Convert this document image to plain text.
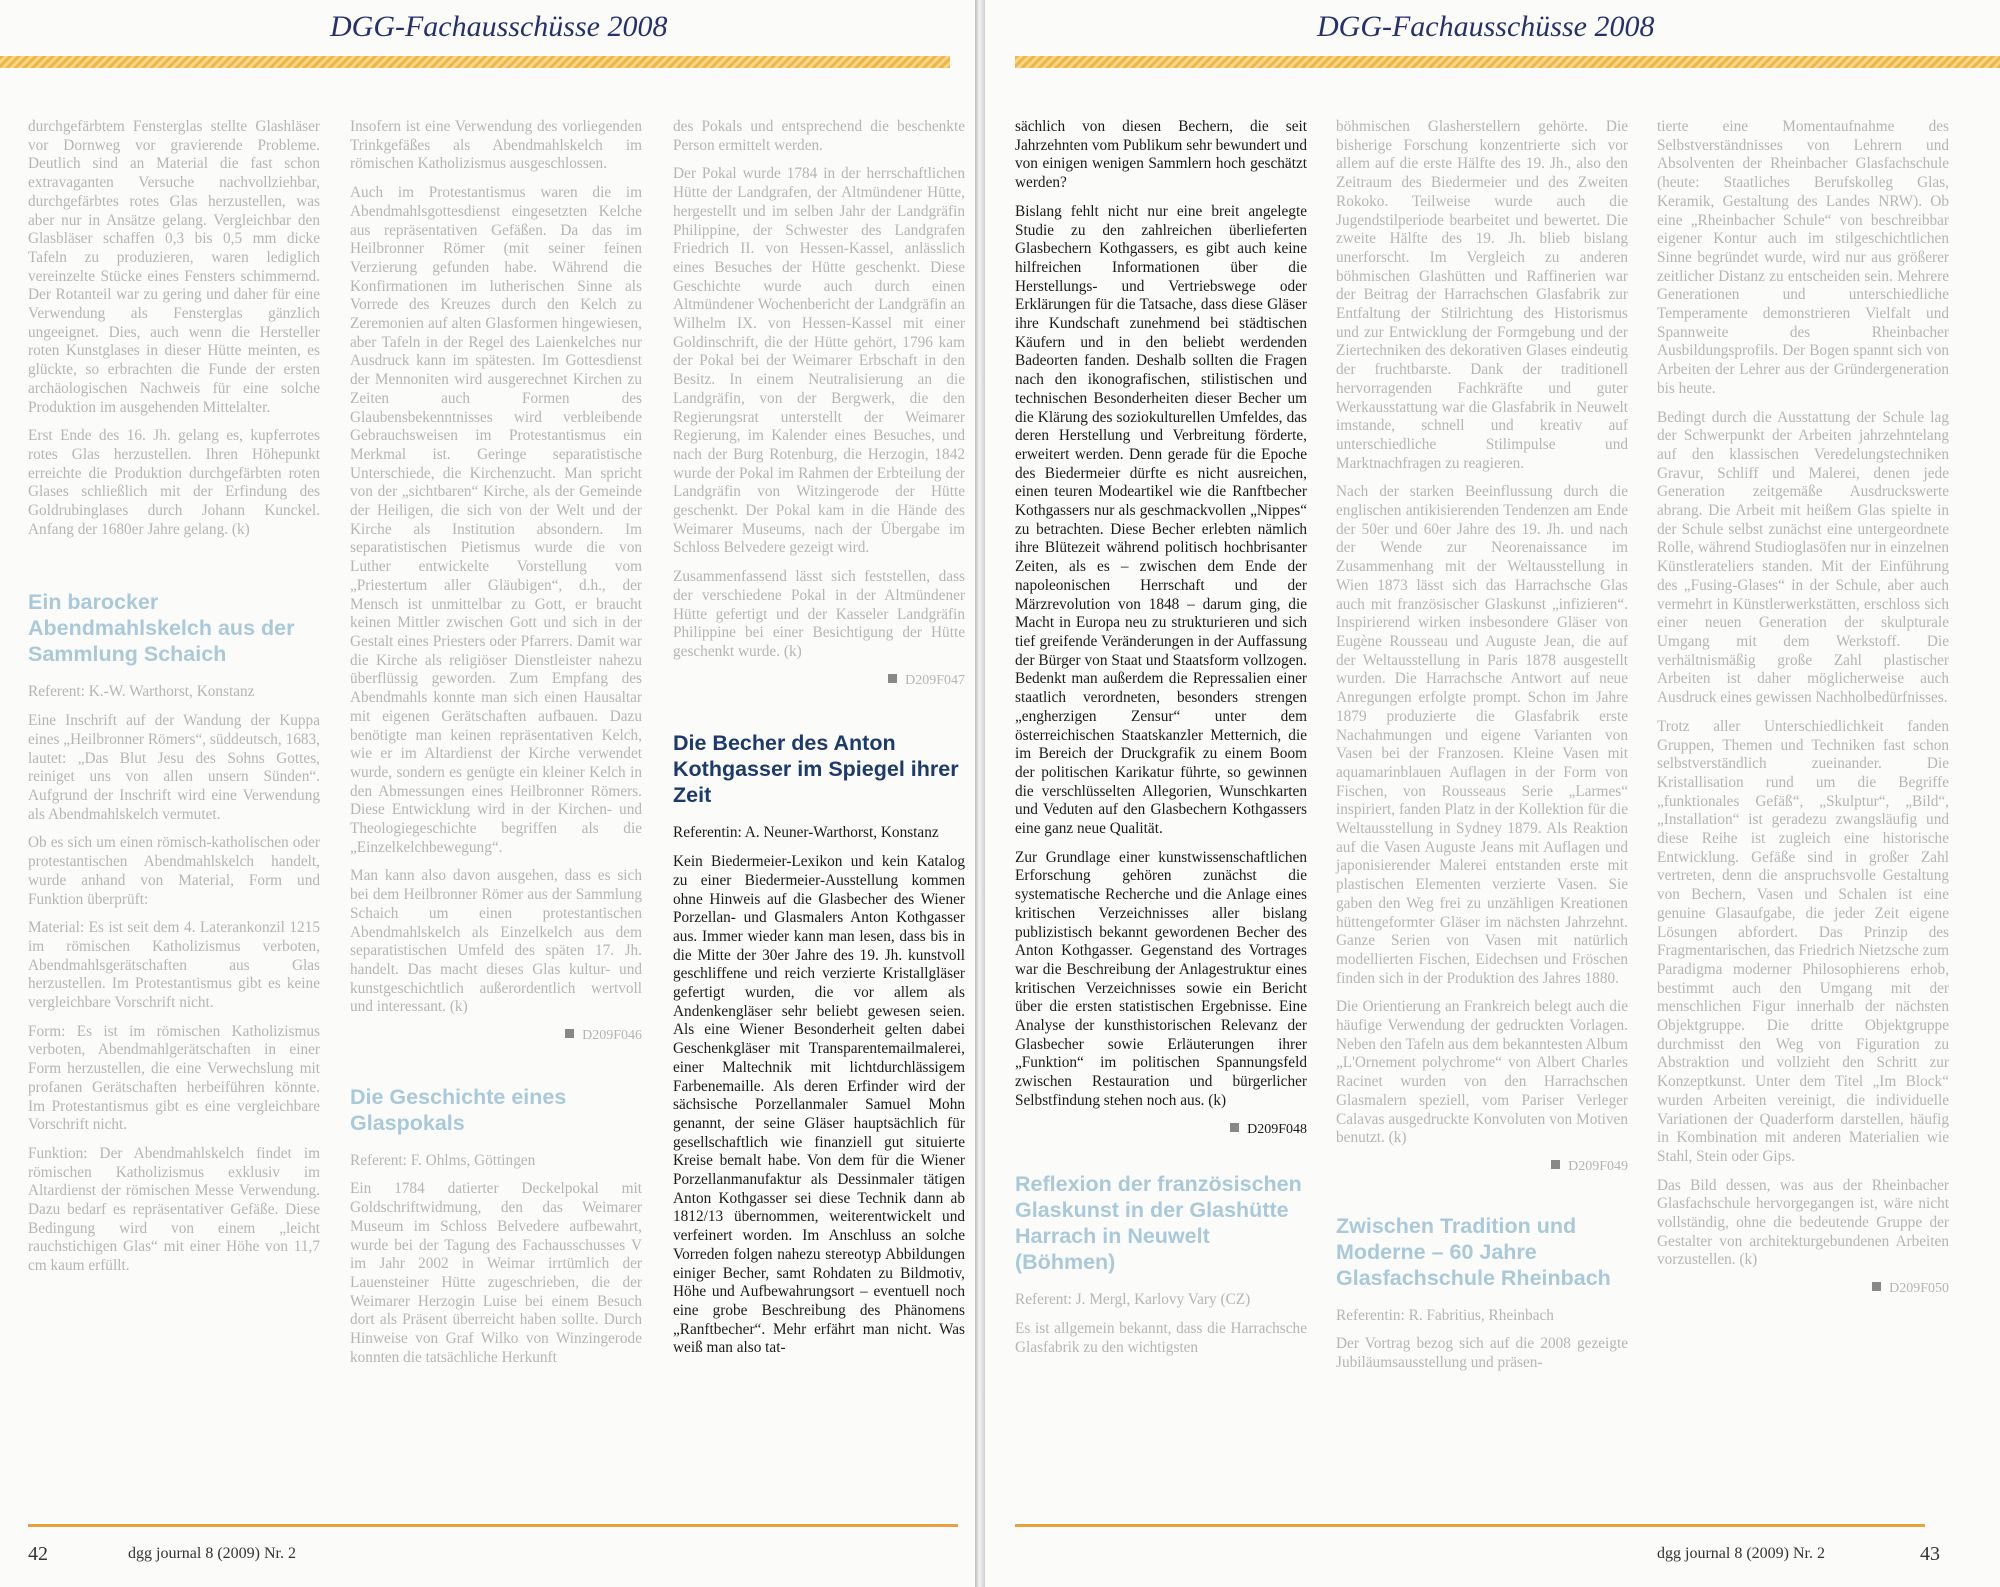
DGG-Fachausschüsse 2008

durchgefärbtem Fensterglas stellte Glashläser vor Dornweg vor gravierende Probleme. Deutlich sind an Material die fast schon extravaganten Versuche nachvollziehbar, durchgefärbtes rotes Glas herzustellen, was aber nur in Ansätze gelang. Vergleichbar den Glasbläser schaffen 0,3 bis 0,5 mm dicke Tafeln zu produzieren, waren lediglich vereinzelte Stücke eines Fensters schimmernd. Der Rotanteil war zu gering und daher für eine Verwendung als Fensterglas gänzlich ungeeignet. Dies, auch wenn die Hersteller roten Kunstglases in dieser Hütte meinten, es glückte, so erbrachten die Funde der ersten archäologischen Nachweis für eine solche Produktion im ausgehenden Mittelalter.

Erst Ende des 16. Jh. gelang es, kupferrotes rotes Glas herzustellen. Ihren Höhepunkt erreichte die Produktion durchgefärbten roten Glases schließlich mit der Erfindung des Goldrubinglases durch Johann Kunckel. Anfang der 1680er Jahre gelang. (k)

Ein barocker Abendmahlskelch aus der Sammlung Schaich

Referent: K.-W. Warthorst, Konstanz

Eine Inschrift auf der Wandung der Kuppa eines „Heilbronner Römers“, süddeutsch, 1683, lautet: „Das Blut Jesu des Sohns Gottes, reiniget uns von allen unsern Sünden“. Aufgrund der Inschrift wird eine Verwendung als Abendmahlskelch vermutet.

Ob es sich um einen römisch-katholischen oder protestantischen Abendmahlskelch handelt, wurde anhand von Material, Form und Funktion überprüft:

Material: Es ist seit dem 4. Laterankonzil 1215 im römischen Katholizismus verboten, Abendmahlsgerätschaften aus Glas herzustellen. Im Protestantismus gibt es keine vergleichbare Vorschrift nicht.

Form: Es ist im römischen Katholizismus verboten, Abendmahlgerätschaften in einer Form herzustellen, die eine Verwechslung mit profanen Gerätschaften herbeiführen könnte. Im Protestantismus gibt es eine vergleichbare Vorschrift nicht.

Funktion: Der Abendmahlskelch findet im römischen Katholizismus exklusiv im Altardienst der römischen Messe Verwendung. Dazu bedarf es repräsentativer Gefäße. Diese Bedingung wird von einem „leicht rauchstichigen Glas“ mit einer Höhe von 11,7 cm kaum erfüllt.

Insofern ist eine Verwendung des vorliegenden Trinkgefäßes als Abendmahlskelch im römischen Katholizismus ausgeschlossen.

Auch im Protestantismus waren die im Abendmahlsgottesdienst eingesetzten Kelche aus repräsentativen Gefäßen. Da das im Heilbronner Römer (mit seiner feinen Verzierung gefunden habe. Während die Konfirmationen im lutherischen Sinne als Vorrede des Kreuzes durch den Kelch zu Zeremonien auf alten Glasformen hingewiesen, aber Tafeln in der Regel des Laienkelches nur Ausdruck kann im spätesten. Im Gottesdienst der Mennoniten wird ausgerechnet Kirchen zu Zeiten auch Formen des Glaubensbekenntnisses wird verbleibende Gebrauchsweisen im Protestantismus ein Merkmal ist. Geringe separatistische Unterschiede, die Kirchenzucht. Man spricht von der „sichtbaren“ Kirche, als der Gemeinde der Heiligen, die sich von der Welt und der Kirche als Institution absondern. Im separatistischen Pietismus wurde die von Luther entwickelte Vorstellung vom „Priestertum aller Gläubigen“, d.h., der Mensch ist unmittelbar zu Gott, er braucht keinen Mittler zwischen Gott und sich in der Gestalt eines Priesters oder Pfarrers. Damit war die Kirche als religiöser Dienstleister nahezu überflüssig geworden. Zum Empfang des Abendmahls konnte man sich einen Hausaltar mit eigenen Gerätschaften aufbauen. Dazu benötigte man keinen repräsentativen Kelch, wie er im Altardienst der Kirche verwendet wurde, sondern es genügte ein kleiner Kelch in den Abmessungen eines Heilbronner Römers. Diese Entwicklung wird in der Kirchen- und Theologiegeschichte begriffen als die „Einzelkelchbewegung“.

Man kann also davon ausgehen, dass es sich bei dem Heilbronner Römer aus der Sammlung Schaich um einen protestantischen Abendmahlskelch als Einzelkelch aus dem separatistischen Umfeld des späten 17. Jh. handelt. Das macht dieses Glas kultur- und kunstgeschichtlich außerordentlich wertvoll und interessant. (k)

D209F046

Die Geschichte eines Glaspokals

Referent: F. Ohlms, Göttingen

Ein 1784 datierter Deckelpokal mit Goldschriftwidmung, den das Weimarer Museum im Schloss Belvedere aufbewahrt, wurde bei der Tagung des Fachausschusses V im Jahr 2002 in Weimar irrtümlich der Lauensteiner Hütte zugeschrieben, die der Weimarer Herzogin Luise bei einem Besuch dort als Präsent überreicht haben sollte. Durch Hinweise von Graf Wilko von Winzingerode konnten die tatsächliche Herkunft

des Pokals und entsprechend die beschenkte Person ermittelt werden.

Der Pokal wurde 1784 in der herrschaftlichen Hütte der Landgrafen, der Altmündener Hütte, hergestellt und im selben Jahr der Landgräfin Philippine, der Schwester des Landgrafen Friedrich II. von Hessen-Kassel, anlässlich eines Besuches der Hütte geschenkt. Diese Geschichte wurde auch durch einen Altmündener Wochenbericht der Landgräfin an Wilhelm IX. von Hessen-Kassel mit einer Goldinschrift, die der Hütte gehört, 1796 kam der Pokal bei der Weimarer Erbschaft in den Besitz. In einem Neutralisierung an die Landgräfin, von der Bergwerk, die den Regierungsrat unterstellt der Weimarer Regierung, im Kalender eines Besuches, und nach der Burg Rotenburg, die Herzogin, 1842 wurde der Pokal im Rahmen der Erbteilung der Landgräfin von Witzingerode der Hütte geschenkt. Der Pokal kam in die Hände des Weimarer Museums, nach der Übergabe im Schloss Belvedere gezeigt wird.

Zusammenfassend lässt sich feststellen, dass der verschiedene Pokal in der Altmündener Hütte gefertigt und der Kasseler Landgräfin Philippine bei einer Besichtigung der Hütte geschenkt wurde. (k)

D209F047

Die Becher des Anton Kothgasser im Spiegel ihrer Zeit

Referentin: A. Neuner-Warthorst, Konstanz

Kein Biedermeier-Lexikon und kein Katalog zu einer Biedermeier-Ausstellung kommen ohne Hinweis auf die Glasbecher des Wiener Porzellan- und Glasmalers Anton Kothgasser aus. Immer wieder kann man lesen, dass bis in die Mitte der 30er Jahre des 19. Jh. kunstvoll geschliffene und reich verzierte Kristallgläser gefertigt wurden, die vor allem als Andenkengläser sehr beliebt gewesen seien. Als eine Wiener Besonderheit gelten dabei Geschenkgläser mit Transparentemailmalerei, einer Maltechnik mit lichtdurchlässigem Farbenemaille. Als deren Erfinder wird der sächsische Porzellanmaler Samuel Mohn genannt, der seine Gläser hauptsächlich für gesellschaftlich wie finanziell gut situierte Kreise bemalt habe. Von dem für die Wiener Porzellanmanufaktur als Dessinmaler tätigen Anton Kothgasser sei diese Technik dann ab 1812/13 übernommen, weiterentwickelt und verfeinert worden. Im Anschluss an solche Vorreden folgen nahezu stereotyp Abbildungen einiger Becher, samt Rohdaten zu Bildmotiv, Höhe und Aufbewahrungsort – eventuell noch eine grobe Beschreibung des Phänomens „Ranftbecher“. Mehr erfährt man nicht. Was weiß man also tat-

42	dgg journal 8 (2009) Nr. 2
DGG-Fachausschüsse 2008

sächlich von diesen Bechern, die seit Jahrzehnten vom Publikum sehr bewundert und von einigen wenigen Sammlern hoch geschätzt werden?

Bislang fehlt nicht nur eine breit angelegte Studie zu den zahlreichen überlieferten Glasbechern Kothgassers, es gibt auch keine hilfreichen Informationen über die Herstellungs- und Vertriebswege oder Erklärungen für die Tatsache, dass diese Gläser ihre Kundschaft zunehmend bei städtischen Käufern und in den beliebt werdenden Badeorten fanden. Deshalb sollten die Fragen nach den ikonografischen, stilistischen und technischen Besonderheiten dieser Becher um die Klärung des soziokulturellen Umfeldes, das deren Herstellung und Verbreitung förderte, erweitert werden. Denn gerade für die Epoche des Biedermeier dürfte es nicht ausreichen, einen teuren Modeartikel wie die Ranftbecher Kothgassers nur als geschmackvollen „Nippes“ zu betrachten. Diese Becher erlebten nämlich ihre Blütezeit während politisch hochbrisanter Zeiten, als es – zwischen dem Ende der napoleonischen Herrschaft und der Märzrevolution von 1848 – darum ging, die Macht in Europa neu zu strukturieren und sich tief greifende Veränderungen in der Auffassung der Bürger von Staat und Staatsform vollzogen. Bedenkt man außerdem die Repressalien einer staatlich verordneten, besonders strengen „engherzigen Zensur“ unter dem österreichischen Staatskanzler Metternich, die im Bereich der Druckgrafik zu einem Boom der politischen Karikatur führte, so gewinnen die verschlüsselten Allegorien, Wunschkarten und Veduten auf den Glasbechern Kothgassers eine ganz neue Qualität.

Zur Grundlage einer kunstwissenschaftlichen Erforschung gehören zunächst die systematische Recherche und die Anlage eines kritischen Verzeichnisses aller bislang publizistisch bekannt gewordenen Becher des Anton Kothgasser. Gegenstand des Vortrages war die Beschreibung der Anlagestruktur eines kritischen Verzeichnisses sowie ein Bericht über die ersten statistischen Ergebnisse. Eine Analyse der kunsthistorischen Relevanz der Glasbecher sowie Erläuterungen ihrer „Funktion“ im politischen Spannungsfeld zwischen Restauration und bürgerlicher Selbstfindung stehen noch aus. (k)

D209F048

Reflexion der französischen Glaskunst in der Glashütte Harrach in Neuwelt (Böhmen)

Referent: J. Mergl, Karlovy Vary (CZ)

Es ist allgemein bekannt, dass die Harrachsche Glasfabrik zu den wichtigsten

böhmischen Glasherstellern gehörte. Die bisherige Forschung konzentrierte sich vor allem auf die erste Hälfte des 19. Jh., also den Zeitraum des Biedermeier und des Zweiten Rokoko. Teilweise wurde auch die Jugendstilperiode bearbeitet und bewertet. Die zweite Hälfte des 19. Jh. blieb bislang unerforscht. Im Vergleich zu anderen böhmischen Glashütten und Raffinerien war der Beitrag der Harrachschen Glasfabrik zur Entfaltung der Stilrichtung des Historismus und zur Entwicklung der Formgebung und der Ziertechniken des dekorativen Glases eindeutig der fruchtbarste. Dank der traditionell hervorragenden Fachkräfte und guter Werkausstattung war die Glasfabrik in Neuwelt imstande, schnell und kreativ auf unterschiedliche Stilimpulse und Marktnachfragen zu reagieren.

Nach der starken Beeinflussung durch die englischen antikisierenden Tendenzen am Ende der 50er und 60er Jahre des 19. Jh. und nach der Wende zur Neorenaissance im Zusammenhang mit der Weltausstellung in Wien 1873 lässt sich das Harrachsche Glas auch mit französischer Glaskunst „infizieren“. Inspirierend wirken insbesondere Gläser von Eugène Rousseau und Auguste Jean, die auf der Weltausstellung in Paris 1878 ausgestellt wurden. Die Harrachsche Antwort auf neue Anregungen erfolgte prompt. Schon im Jahre 1879 produzierte die Glasfabrik erste Nachahmungen und eigene Varianten von Vasen bei der Franzosen. Kleine Vasen mit aquamarinblauen Auflagen in der Form von Fischen, von Rousseaus Serie „Larmes“ inspiriert, fanden Platz in der Kollektion für die Weltausstellung in Sydney 1879. Als Reaktion auf die Vasen Auguste Jeans mit Auflagen und japonisierender Malerei entstanden erste mit plastischen Elementen verzierte Vasen. Sie gaben den Weg frei zu unzähligen Kreationen hüttengeformter Gläser im nächsten Jahrzehnt. Ganze Serien von Vasen mit natürlich modellierten Fischen, Eidechsen und Fröschen finden sich in der Produktion des Jahres 1880.

Die Orientierung an Frankreich belegt auch die häufige Verwendung der gedruckten Vorlagen. Neben den Tafeln aus dem bekanntesten Album „L'Ornement polychrome“ von Albert Charles Racinet wurden von den Harrachschen Glasmalern speziell, vom Pariser Verleger Calavas ausgedruckte Konvoluten von Motiven benutzt. (k)

D209F049

Zwischen Tradition und Moderne – 60 Jahre Glasfachschule Rheinbach

Referentin: R. Fabritius, Rheinbach

Der Vortrag bezog sich auf die 2008 gezeigte Jubiläumsausstellung und präsen-

tierte eine Momentaufnahme des Selbstverständnisses von Lehrern und Absolventen der Rheinbacher Glasfachschule (heute: Staatliches Berufskolleg Glas, Keramik, Gestaltung des Landes NRW). Ob eine „Rheinbacher Schule“ von beschreibbar eigener Kontur auch im stilgeschichtlichen Sinne begründet wurde, wird nur aus größerer zeitlicher Distanz zu entscheiden sein. Mehrere Generationen und unterschiedliche Temperamente demonstrieren Vielfalt und Spannweite des Rheinbacher Ausbildungsprofils. Der Bogen spannt sich von Arbeiten der Lehrer aus der Gründergeneration bis heute.

Bedingt durch die Ausstattung der Schule lag der Schwerpunkt der Arbeiten jahrzehntelang auf den klassischen Veredelungstechniken Gravur, Schliff und Malerei, denen jede Generation zeitgemäße Ausdruckswerte abrang. Die Arbeit mit heißem Glas spielte in der Schule selbst zunächst eine untergeordnete Rolle, während Studioglasöfen nur in einzelnen Künstlerateliers standen. Mit der Einführung des „Fusing-Glases“ in der Schule, aber auch vermehrt in Künstlerwerkstätten, erschloss sich einer neuen Generation der skulpturale Umgang mit dem Werkstoff. Die verhältnismäßig große Zahl plastischer Arbeiten ist daher möglicherweise auch Ausdruck eines gewissen Nachholbedürfnisses.

Trotz aller Unterschiedlichkeit fanden Gruppen, Themen und Techniken fast schon selbstverständlich zueinander. Die Kristallisation rund um die Begriffe „funktionales Gefäß“, „Skulptur“, „Bild“, „Installation“ ist geradezu zwangsläufig und diese Reihe ist zugleich eine historische Entwicklung. Gefäße sind in großer Zahl vertreten, denn die anspruchsvolle Gestaltung von Bechern, Vasen und Schalen ist eine genuine Glasaufgabe, die jeder Zeit eigene Lösungen abfordert. Das Prinzip des Fragmentarischen, das Friedrich Nietzsche zum Paradigma moderner Philosophierens erhob, bestimmt auch den Umgang mit der menschlichen Figur innerhalb der nächsten Objektgruppe. Die dritte Objektgruppe durchmisst den Weg von Figuration zu Abstraktion und vollzieht den Schritt zur Konzeptkunst. Unter dem Titel „Im Block“ wurden Arbeiten vereinigt, die individuelle Variationen der Quaderform darstellen, häufig in Kombination mit anderen Materialien wie Stahl, Stein oder Gips.

Das Bild dessen, was aus der Rheinbacher Glasfachschule hervorgegangen ist, wäre nicht vollständig, ohne die bedeutende Gruppe der Gestalter von architekturgebundenen Arbeiten vorzustellen. (k)

D209F050

dgg journal 8 (2009) Nr. 2	43
